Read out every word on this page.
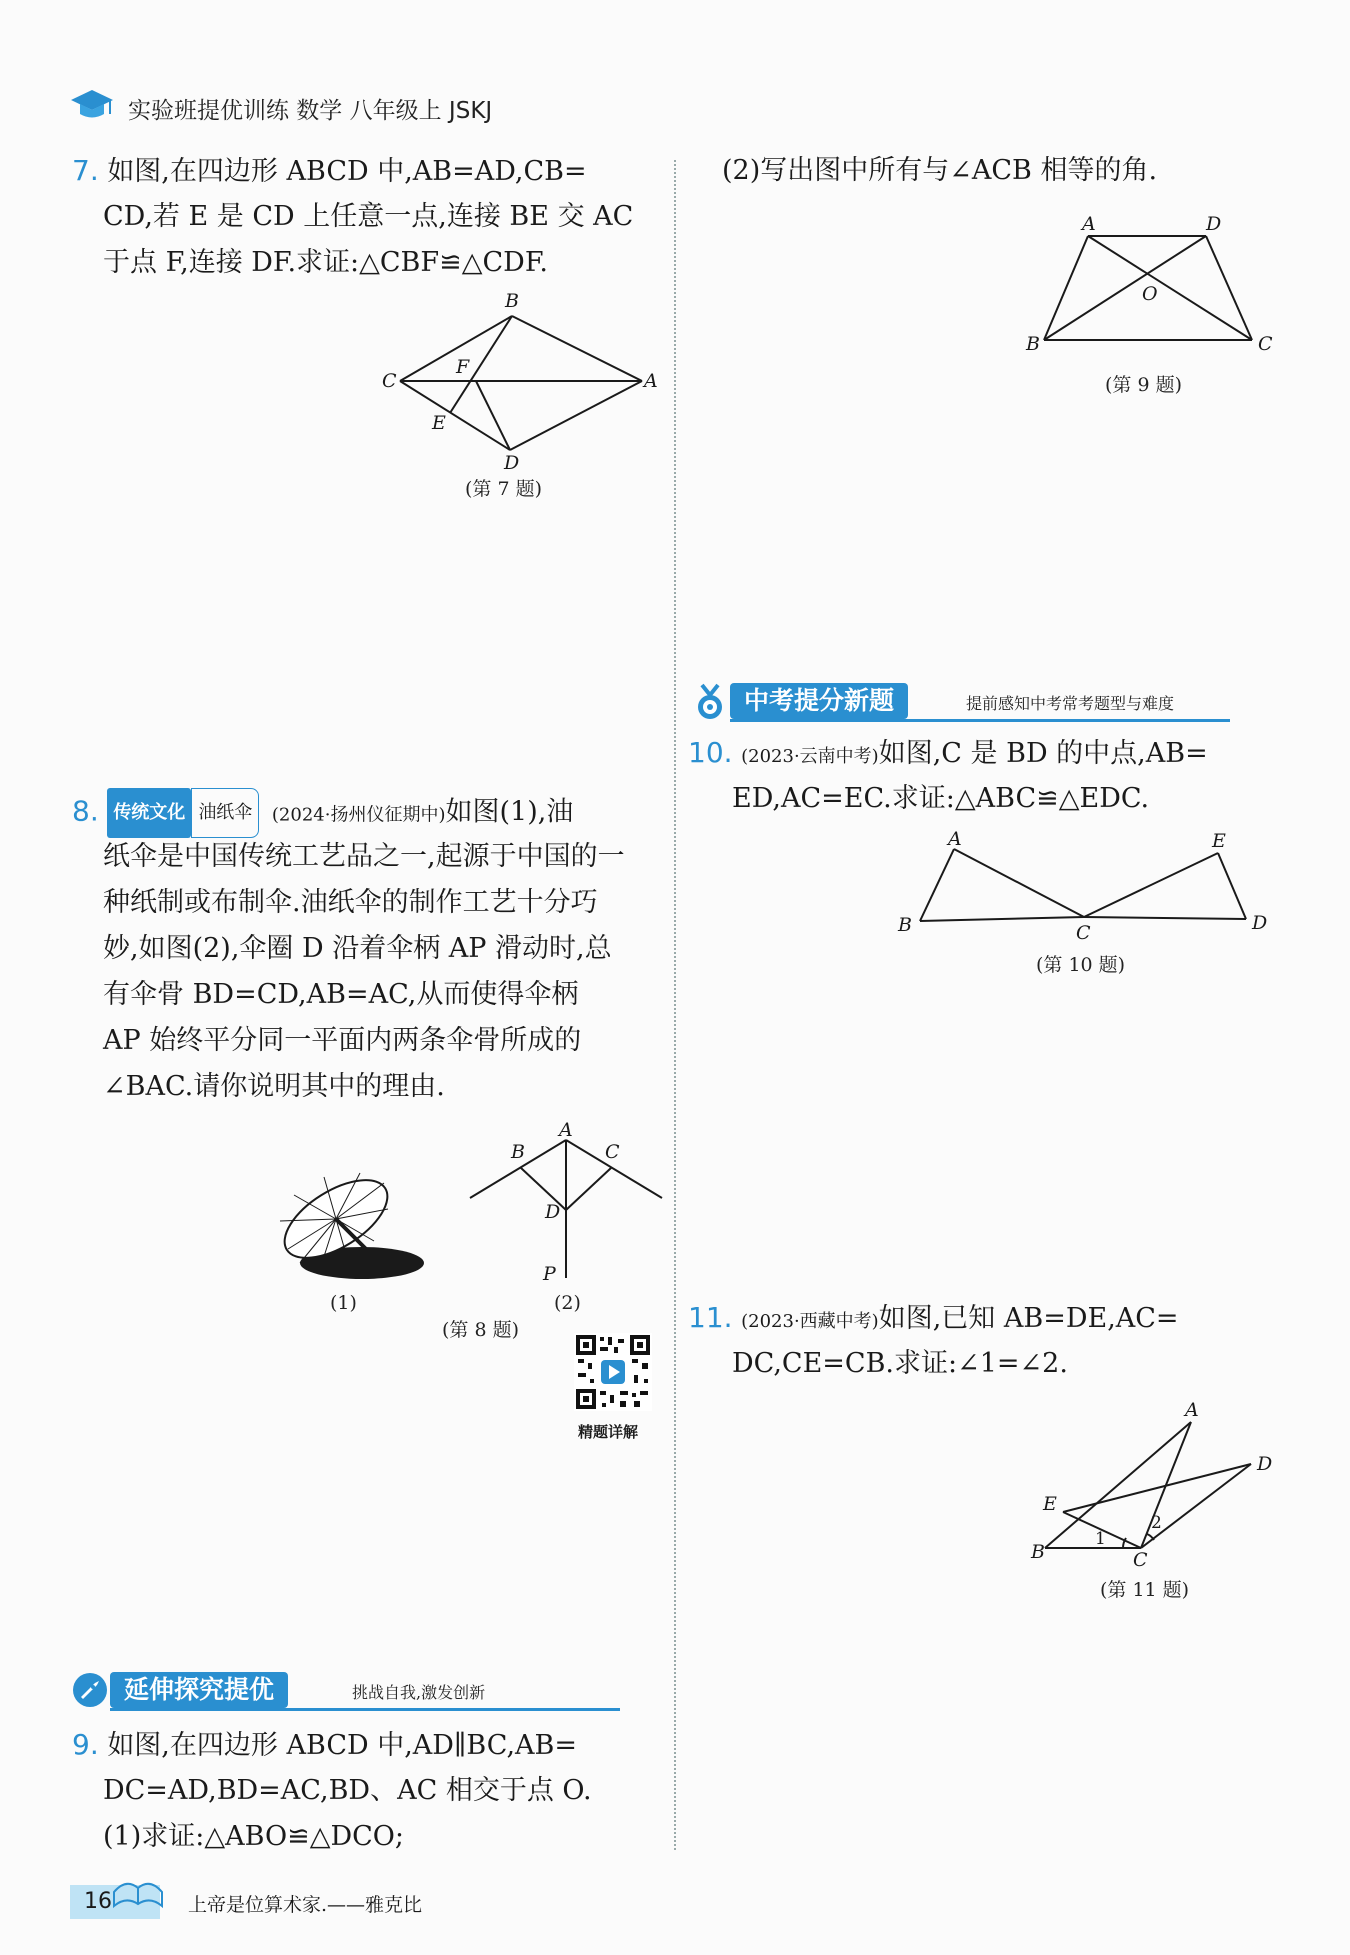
实验班提优训练 数学 八年级上 JSKJ
7. 如图,在四边形 ABCD 中,AB=AD,CB=
CD,若 E 是 CD 上任意一点,连接 BE 交 AC
于点 F,连接 DF.求证:△CBF≌△CDF.
B
C
F
A
E
D
(第 7 题)
8. 传统文化 油纸伞 (2024·扬州仪征期中)如图(1),油
纸伞是中国传统工艺品之一,起源于中国的一
种纸制或布制伞.油纸伞的制作工艺十分巧
妙,如图(2),伞圈 D 沿着伞柄 AP 滑动时,总
有伞骨 BD=CD,AB=AC,从而使得伞柄
AP 始终平分同一平面内两条伞骨所成的
∠BAC.请你说明其中的理由.
(1)
A
B	C
D
P
(2)
(第 8 题)
精题详解
延伸探究提优	挑战自我,激发创新
9. 如图,在四边形 ABCD 中,AD∥BC,AB=
DC=AD,BD=AC,BD、AC 相交于点 O.
(1)求证:△ABO≌△DCO;
(2)写出图中所有与∠ACB 相等的角.
A	D
O
B	C
(第 9 题)
中考提分新题	提前感知中考常考题型与难度
10. (2023·云南中考)如图,C 是 BD 的中点,AB=
ED,AC=EC.求证:△ABC≌△EDC.
A	E
B	C	D
(第 10 题)
11. (2023·西藏中考)如图,已知 AB=DE,AC=
DC,CE=CB.求证:∠1=∠2.
A
D
E
B	C
1
2
(第 11 题)
16	上帝是位算术家.——雅克比
